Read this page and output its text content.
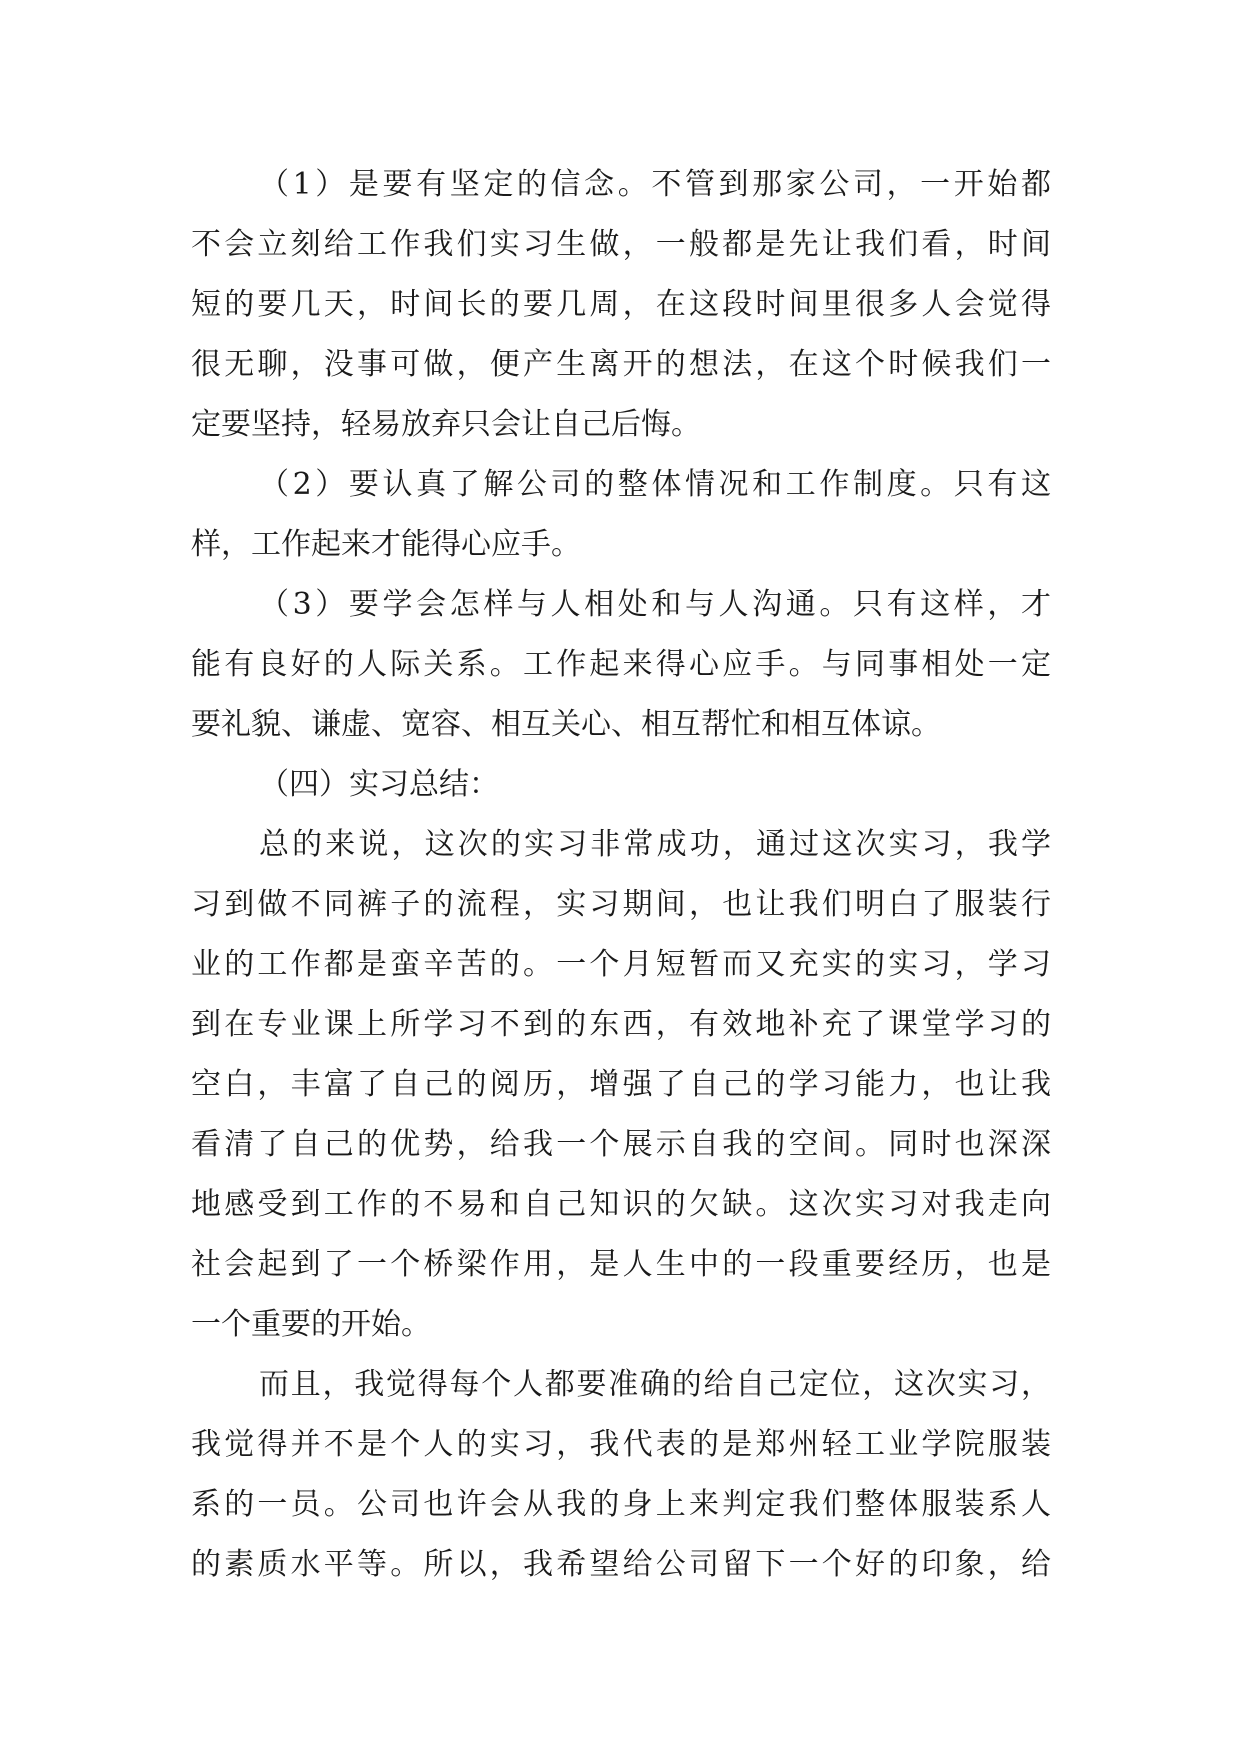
（1）是要有坚定的信念。不管到那家公司，一开始都
不会立刻给工作我们实习生做，一般都是先让我们看，时间
短的要几天，时间长的要几周，在这段时间里很多人会觉得
很无聊，没事可做，便产生离开的想法，在这个时候我们一
定要坚持，轻易放弃只会让自己后悔。
（2）要认真了解公司的整体情况和工作制度。只有这
样，工作起来才能得心应手。
（3）要学会怎样与人相处和与人沟通。只有这样，才
能有良好的人际关系。工作起来得心应手。与同事相处一定
要礼貌、谦虚、宽容、相互关心、相互帮忙和相互体谅。
（四）实习总结：
总的来说，这次的实习非常成功，通过这次实习，我学
习到做不同裤子的流程，实习期间，也让我们明白了服装行
业的工作都是蛮辛苦的。一个月短暂而又充实的实习，学习
到在专业课上所学习不到的东西，有效地补充了课堂学习的
空白，丰富了自己的阅历，增强了自己的学习能力，也让我
看清了自己的优势，给我一个展示自我的空间。同时也深深
地感受到工作的不易和自己知识的欠缺。这次实习对我走向
社会起到了一个桥梁作用，是人生中的一段重要经历，也是
一个重要的开始。
而且，我觉得每个人都要准确的给自己定位，这次实习，
我觉得并不是个人的实习，我代表的是郑州轻工业学院服装
系的一员。公司也许会从我的身上来判定我们整体服装系人
的素质水平等。所以，我希望给公司留下一个好的印象，给
